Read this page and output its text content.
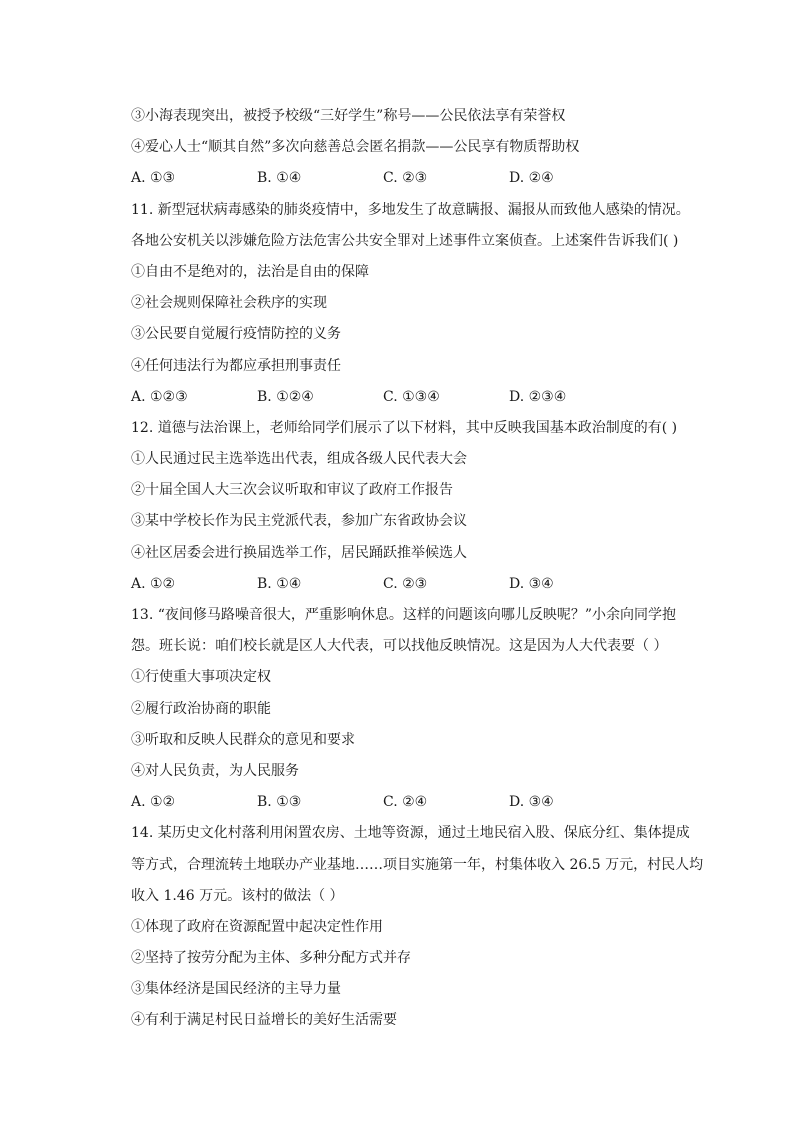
③小海表现突出，被授予校级“三好学生”称号——公民依法享有荣誉权
④爱心人士“顺其自然”多次向慈善总会匿名捐款——公民享有物质帮助权
A. ①③	B. ①④	C. ②③	D. ②④
11. 新型冠状病毒感染的肺炎疫情中，多地发生了故意瞒报、漏报从而致他人感染的情况。
各地公安机关以涉嫌危险方法危害公共安全罪对上述事件立案侦查。上述案件告诉我们( )
①自由不是绝对的，法治是自由的保障
②社会规则保障社会秩序的实现
③公民要自觉履行疫情防控的义务
④任何违法行为都应承担刑事责任
A. ①②③	B. ①②④	C. ①③④	D. ②③④
12. 道德与法治课上，老师给同学们展示了以下材料，其中反映我国基本政治制度的有( )
①人民通过民主选举选出代表，组成各级人民代表大会
②十届全国人大三次会议听取和审议了政府工作报告
③某中学校长作为民主党派代表，参加广东省政协会议
④社区居委会进行换届选举工作，居民踊跃推举候选人
A. ①②	B. ①④	C. ②③	D. ③④
13. “夜间修马路噪音很大，严重影响休息。这样的问题该向哪儿反映呢？”小余向同学抱
怨。班长说：咱们校长就是区人大代表，可以找他反映情况。这是因为人大代表要（ ）
①行使重大事项决定权
②履行政治协商的职能
③听取和反映人民群众的意见和要求
④对人民负责，为人民服务
A. ①②	B. ①③	C. ②④	D. ③④
14. 某历史文化村落利用闲置农房、土地等资源，通过土地民宿入股、保底分红、集体提成
等方式，合理流转土地联办产业基地……项目实施第一年，村集体收入 26.5 万元，村民人均
收入 1.46 万元。该村的做法（ ）
①体现了政府在资源配置中起决定性作用
②坚持了按劳分配为主体、多种分配方式并存
③集体经济是国民经济的主导力量
④有利于满足村民日益增长的美好生活需要
